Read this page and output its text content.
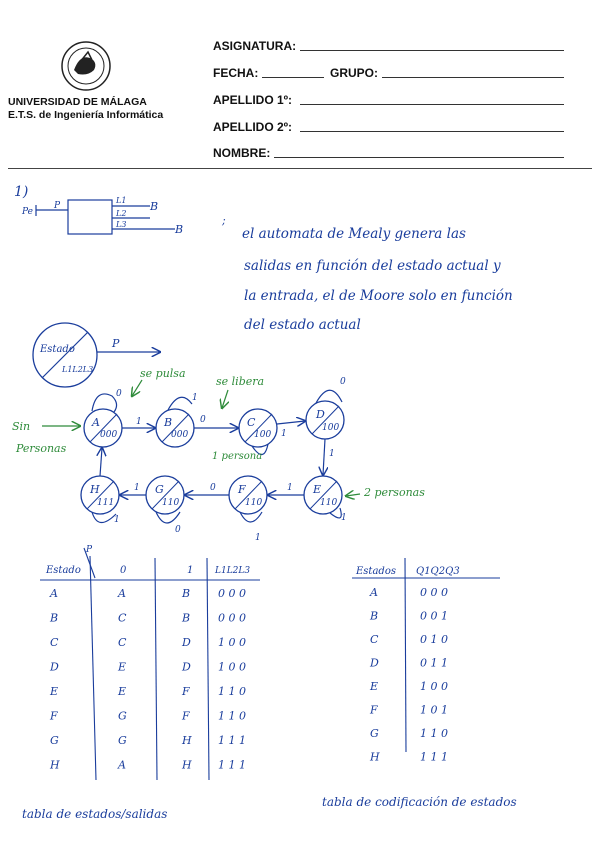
UNIVERSIDAD DE MÁLAGA
E.T.S. de Ingeniería Informática
ASIGNATURA:
FECHA:	GRUPO:
APELLIDO 1º:
APELLIDO 2º:
NOMBRE:
1)
Pe
P
L1
L2
L3
B
B
;
el automata de Mealy genera las
salidas en función del estado actual y
la entrada, el de Moore solo en función
del estado actual
Estado
L1L2L3
P
A
000
B
000
C
100
D
100
E
110
F
110
G
110
H
111
0
1
1
0
1
0
1
1
1
0
1
1
0
1
Sin
Personas
se pulsa
se libera
1 persona
2 personas
Estado	0	1 L1L2L3
P
A	A	B	0 0 0
B	C	B	0 0 0
C	C	D 1 0 0
D	E	D 1 0 0
E	E	F	1 1 0
F	G	F	1 1 0
G	G	H 1 1 1
H	A	H 1 1 1
tabla de estados/salidas
Estados Q1Q2Q3
A	0 0 0
B	0 0 1
C	0 1 0
D	0 1 1
E	1 0 0
F	1 0 1
G	1 1 0
H	1 1 1
tabla de codificación de estados
